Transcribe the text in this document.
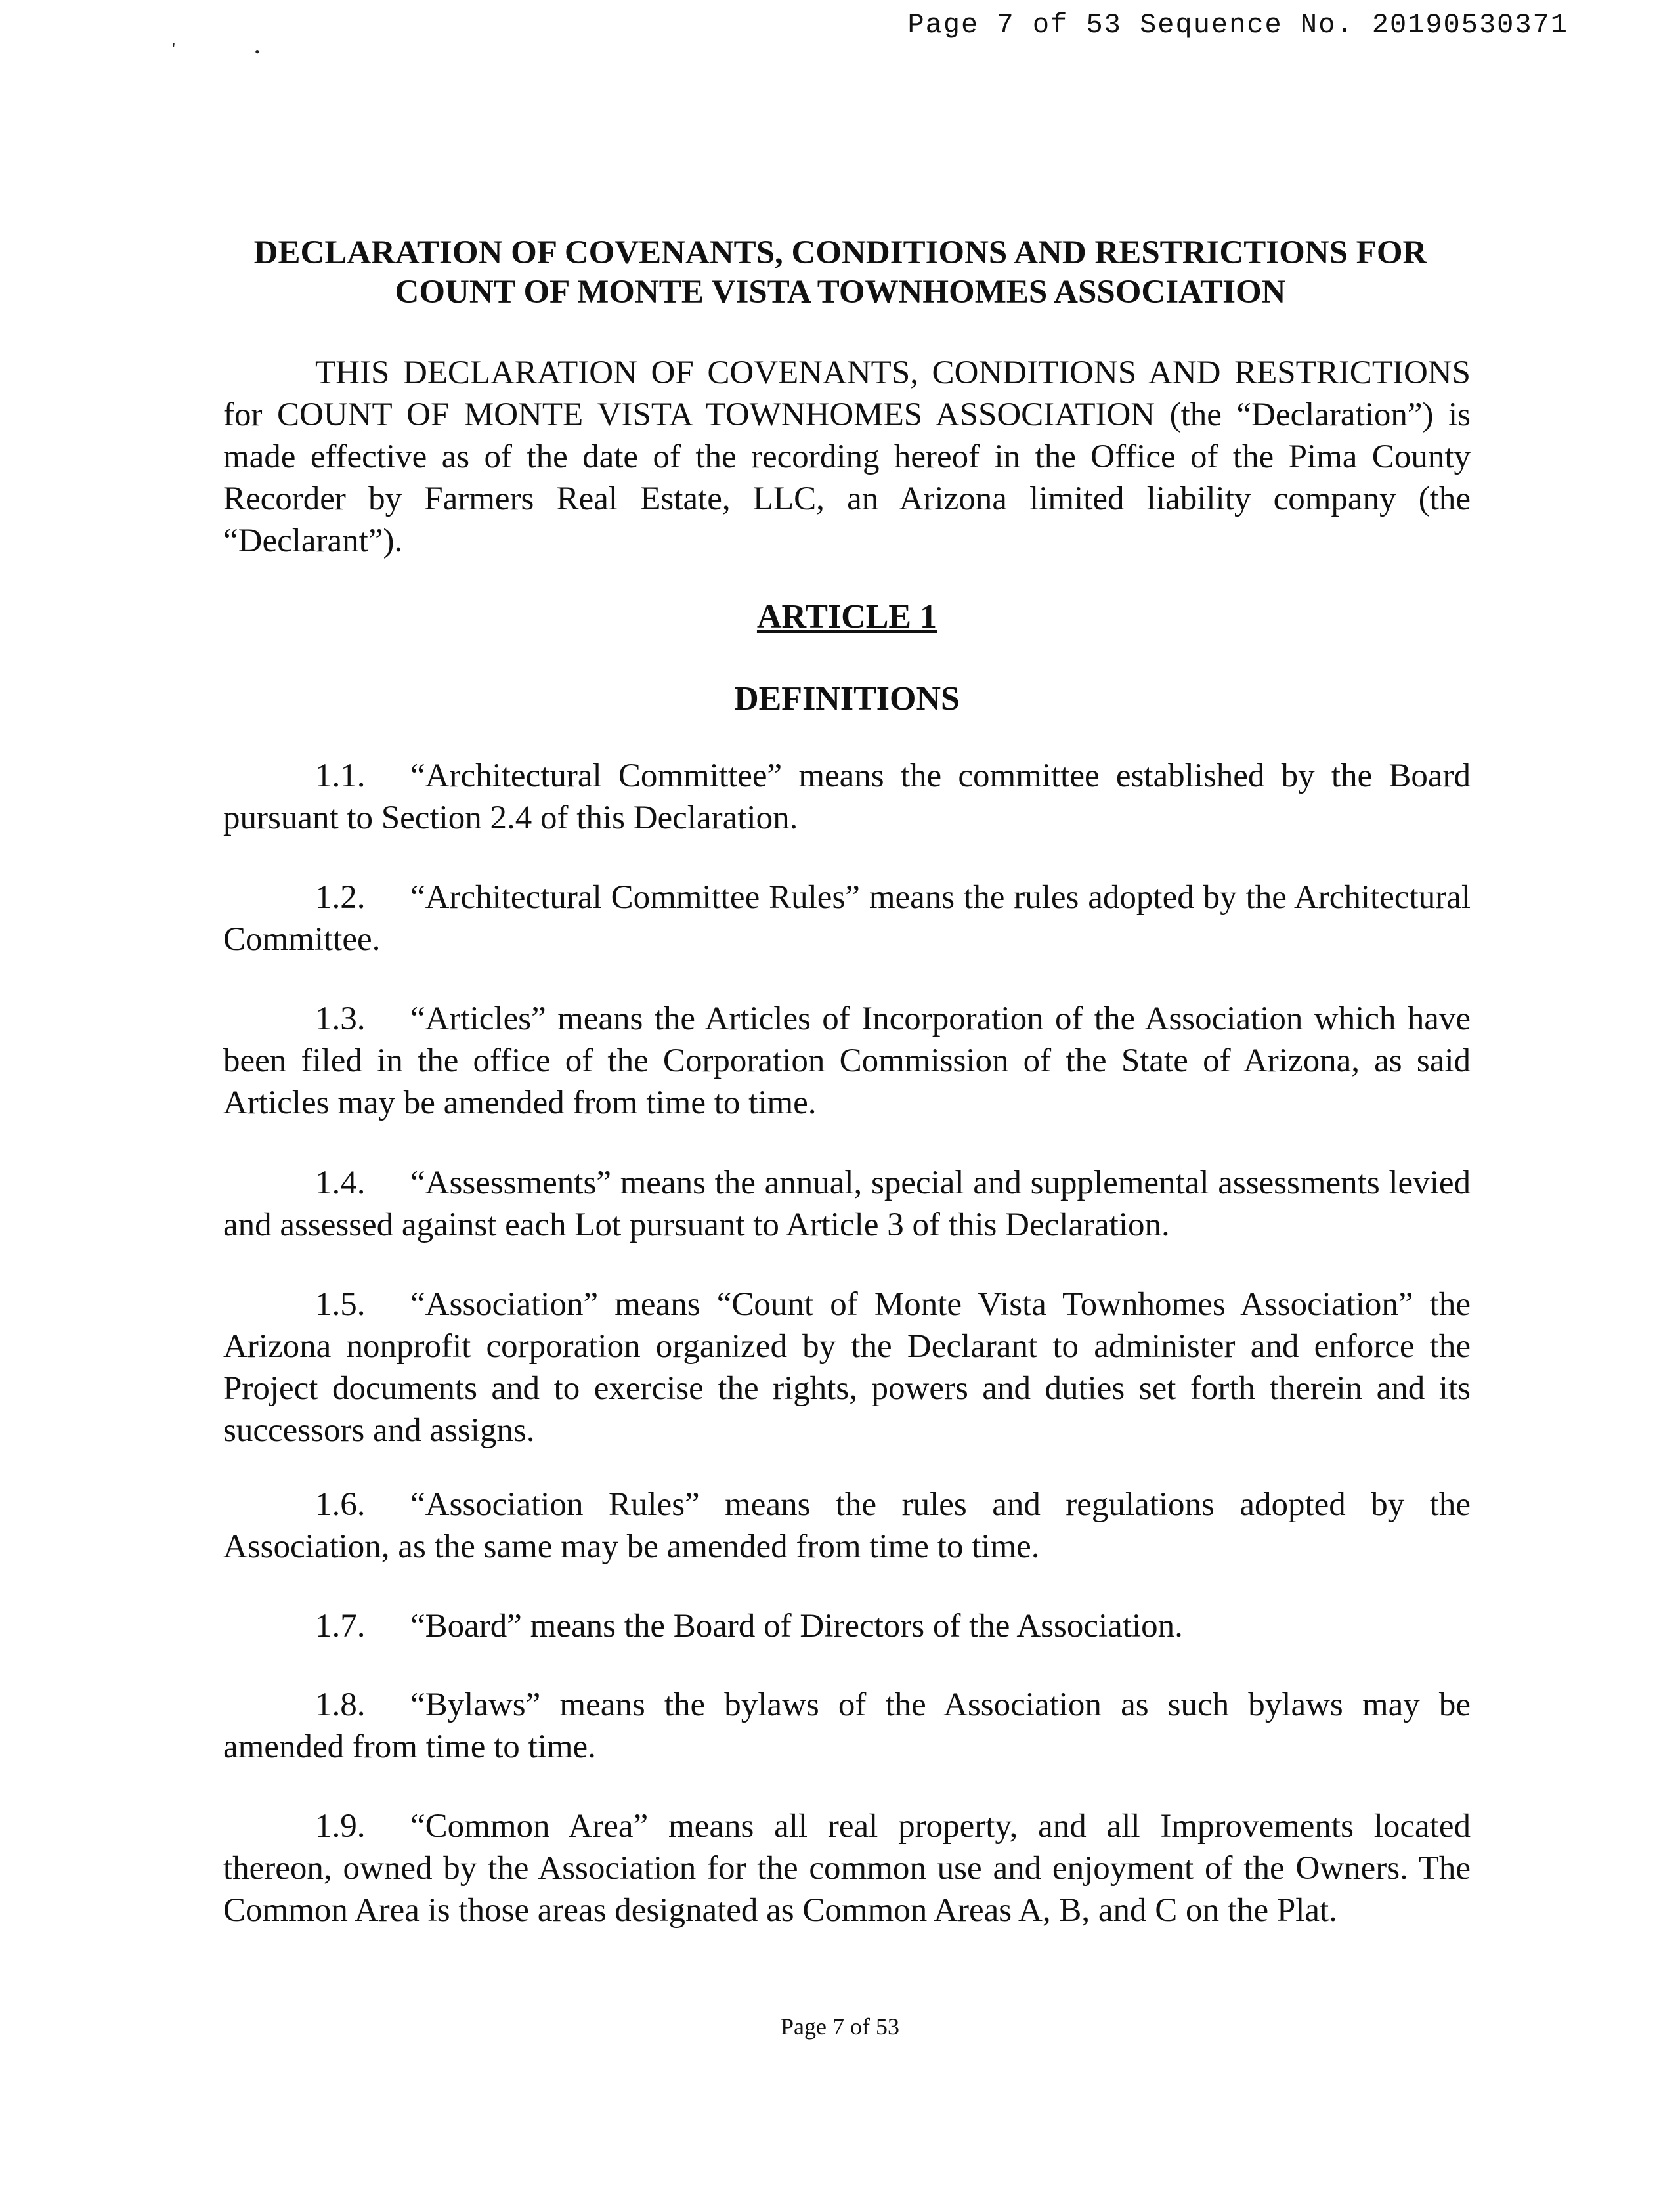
Page 7 of 53 Sequence No. 20190530371
'	•
DECLARATION OF COVENANTS, CONDITIONS AND RESTRICTIONS FOR
COUNT OF MONTE VISTA TOWNHOMES ASSOCIATION
THIS DECLARATION OF COVENANTS, CONDITIONS AND RESTRICTIONS for COUNT OF MONTE VISTA TOWNHOMES ASSOCIATION (the “Declaration”) is made effective as of the date of the recording hereof in the Office of the Pima County Recorder by Farmers Real Estate, LLC, an Arizona limited liability company (the “Declarant”).
ARTICLE 1
DEFINITIONS
1.1. “Architectural Committee” means the committee established by the Board pursuant to Section 2.4 of this Declaration.
1.2. “Architectural Committee Rules” means the rules adopted by the Architectural Committee.
1.3. “Articles” means the Articles of Incorporation of the Association which have been filed in the office of the Corporation Commission of the State of Arizona, as said Articles may be amended from time to time.
1.4. “Assessments” means the annual, special and supplemental assessments levied and assessed against each Lot pursuant to Article 3 of this Declaration.
1.5. “Association” means “Count of Monte Vista Townhomes Association” the Arizona nonprofit corporation organized by the Declarant to administer and enforce the Project documents and to exercise the rights, powers and duties set forth therein and its successors and assigns.
1.6. “Association Rules” means the rules and regulations adopted by the Association, as the same may be amended from time to time.
1.7. “Board” means the Board of Directors of the Association.
1.8. “Bylaws” means the bylaws of the Association as such bylaws may be amended from time to time.
1.9. “Common Area” means all real property, and all Improvements located thereon, owned by the Association for the common use and enjoyment of the Owners. The Common Area is those areas designated as Common Areas A, B, and C on the Plat.
Page 7 of 53
